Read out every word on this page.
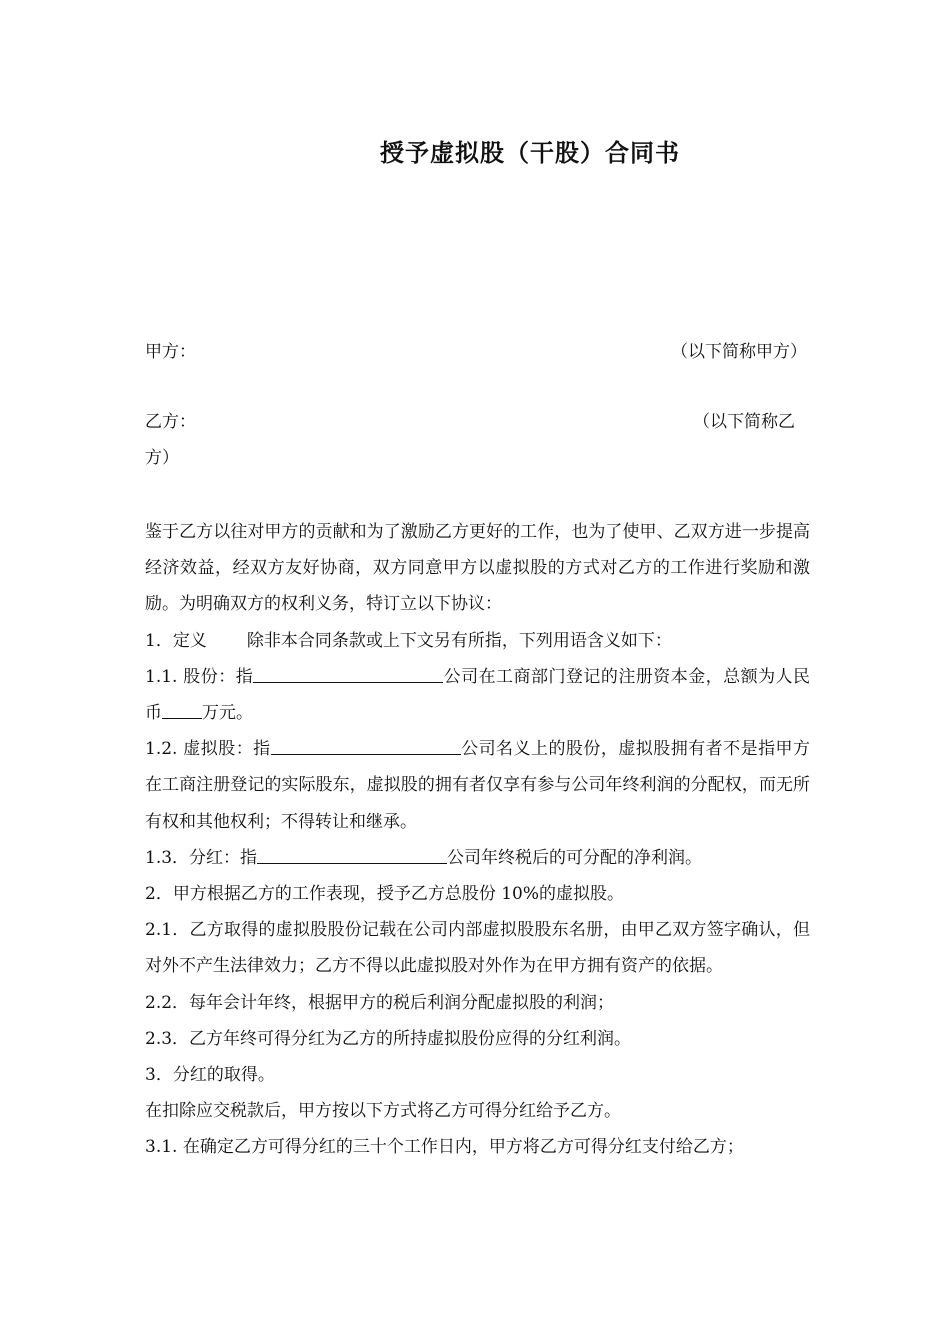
授予虚拟股（干股）合同书
甲方：	（以下简称甲方）
乙方：	（以下简称乙
方）

鉴于乙方以往对甲方的贡献和为了激励乙方更好的工作，也为了使甲、乙双方进一步提高经济效益，经双方友好协商，双方同意甲方以虚拟股的方式对乙方的工作进行奖励和激励。为明确双方的权利义务，特订立以下协议：

1．定义 除非本合同条款或上下文另有所指，下列用语含义如下：

1.1. 股份：指	公司在工商部门登记的注册资本金，总额为人民币 万元。

1.2. 虚拟股：指	公司名义上的股份，虚拟股拥有者不是指甲方在工商注册登记的实际股东，虚拟股的拥有者仅享有参与公司年终利润的分配权，而无所有权和其他权利；不得转让和继承。

1.3．分红：指	公司年终税后的可分配的净利润。

2．甲方根据乙方的工作表现，授予乙方总股份 10%的虚拟股。

2.1．乙方取得的虚拟股股份记载在公司内部虚拟股股东名册，由甲乙双方签字确认，但对外不产生法律效力；乙方不得以此虚拟股对外作为在甲方拥有资产的依据。

2.2．每年会计年终，根据甲方的税后利润分配虚拟股的利润；

2.3．乙方年终可得分红为乙方的所持虚拟股份应得的分红利润。

3．分红的取得。

在扣除应交税款后，甲方按以下方式将乙方可得分红给予乙方。

3.1. 在确定乙方可得分红的三十个工作日内，甲方将乙方可得分红支付给乙方；
